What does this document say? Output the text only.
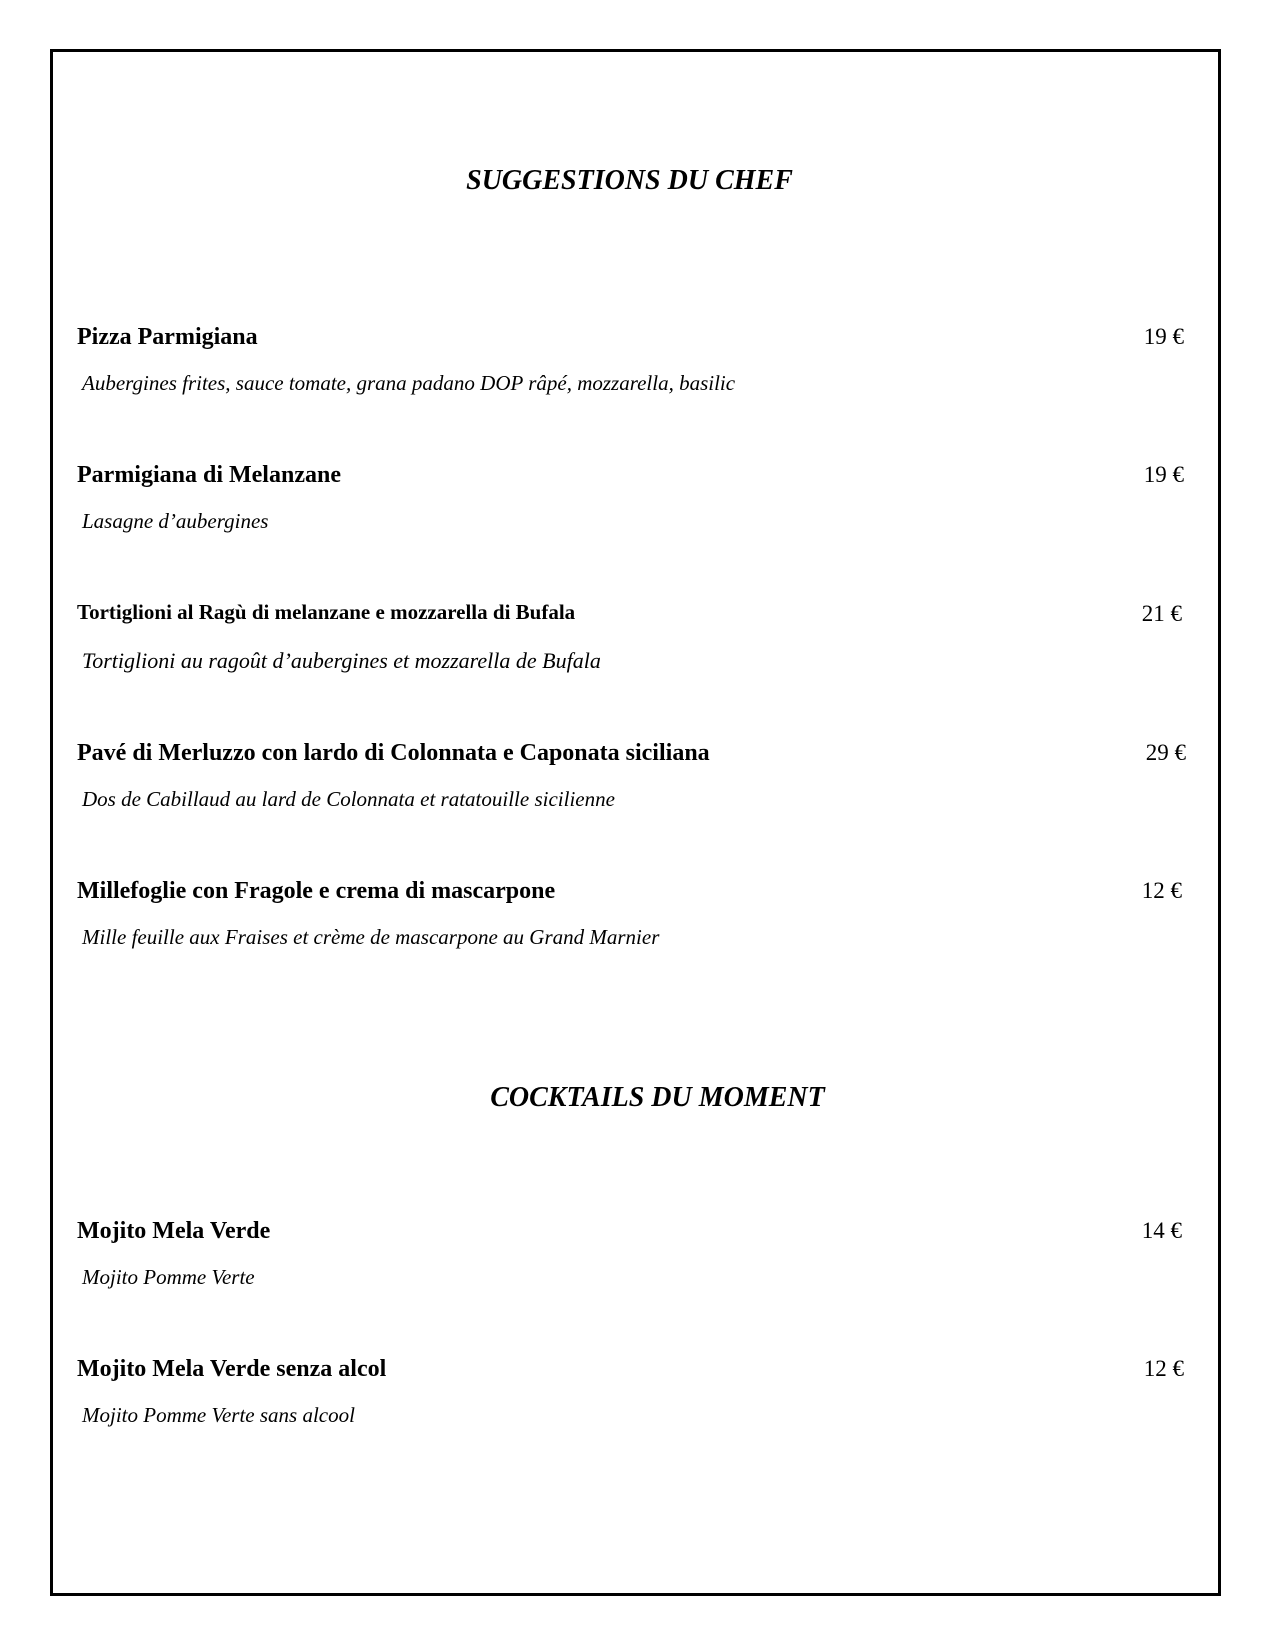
SUGGESTIONS DU CHEF
Pizza Parmigiana	19 €
Aubergines frites, sauce tomate, grana padano DOP râpé, mozzarella, basilic
Parmigiana di Melanzane	19 €
Lasagne d’aubergines
Tortiglioni al Ragù di melanzane e mozzarella di Bufala	21 €
Tortiglioni au ragoût d’aubergines et mozzarella de Bufala
Pavé di Merluzzo con lardo di Colonnata e Caponata siciliana	29 €
Dos de Cabillaud au lard de Colonnata et ratatouille sicilienne
Millefoglie con Fragole e crema di mascarpone	12 €
Mille feuille aux Fraises et crème de mascarpone au Grand Marnier
COCKTAILS DU MOMENT
Mojito Mela Verde	14 €
Mojito Pomme Verte
Mojito Mela Verde senza alcol	12 €
Mojito Pomme Verte sans alcool
